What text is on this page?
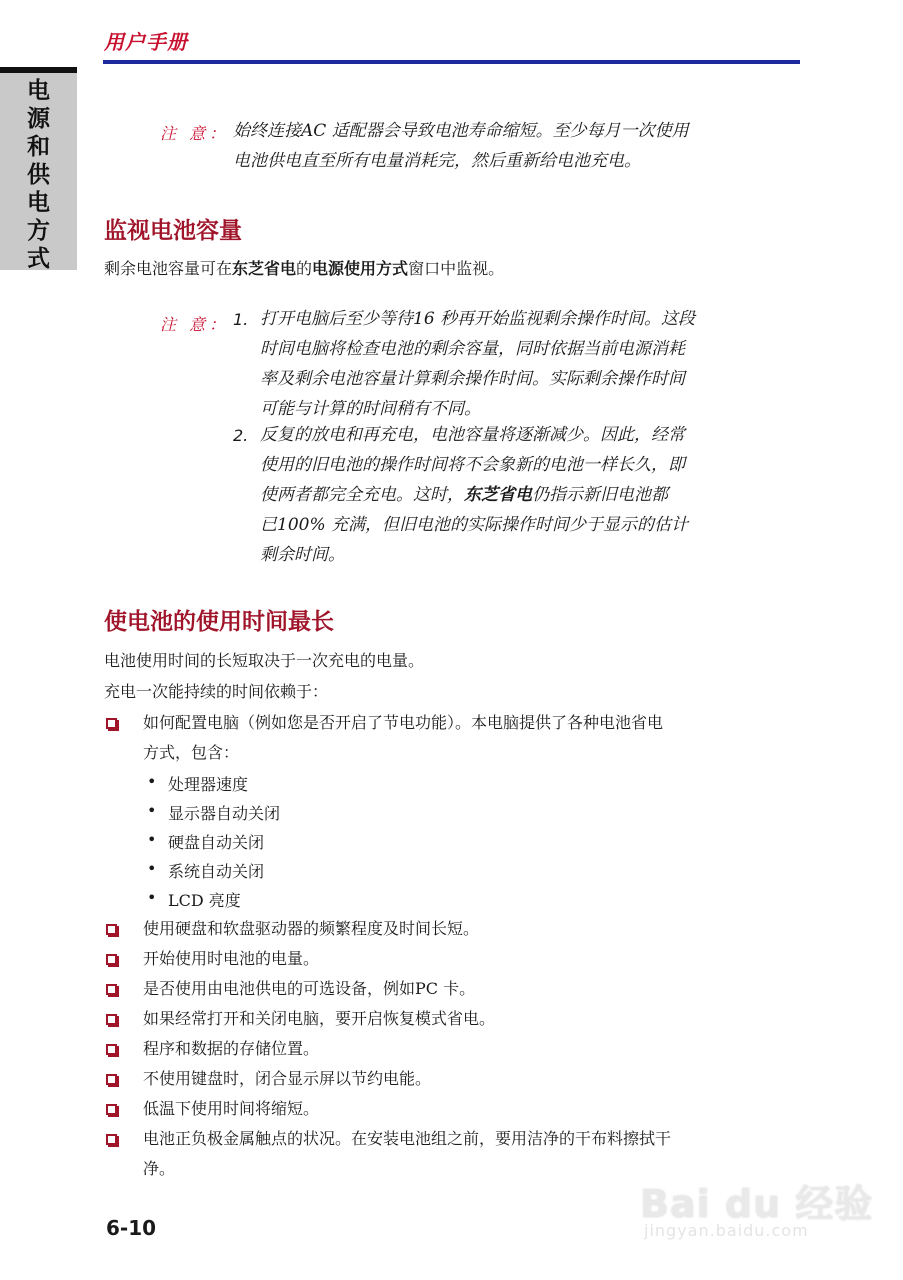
用户手册
电
源
和
供
电
方
式
注 意： 始终连接AC 适配器会导致电池寿命缩短。至少每月一次使用

电池供电直至所有电量消耗完，然后重新给电池充电。

监视电池容量
剩余电池容量可在东芝省电的电源使用方式窗口中监视。
注 意： 1. 打开电脑后至少等待16 秒再开始监视剩余操作时间。这段

时间电脑将检查电池的剩余容量，同时依据当前电源消耗

率及剩余电池容量计算剩余操作时间。实际剩余操作时间

可能与计算的时间稍有不同。

2. 反复的放电和再充电，电池容量将逐渐减少。因此，经常

使用的旧电池的操作时间将不会象新的电池一样长久，即

使两者都完全充电。这时，东芝省电仍指示新旧电池都

已100% 充满，但旧电池的实际操作时间少于显示的估计

剩余时间。

使电池的使用时间最长
电池使用时间的长短取决于一次充电的电量。
充电一次能持续的时间依赖于：
如何配置电脑（例如您是否开启了节电功能）。本电脑提供了各种电池省电
方式，包含：
• 处理器速度
• 显示器自动关闭
• 硬盘自动关闭
• 系统自动关闭
• LCD 亮度
使用硬盘和软盘驱动器的频繁程度及时间长短。
开始使用时电池的电量。
是否使用由电池供电的可选设备，例如PC 卡。
如果经常打开和关闭电脑，要开启恢复模式省电。
程序和数据的存储位置。
不使用键盘时，闭合显示屏以节约电能。
低温下使用时间将缩短。
电池正负极金属触点的状况。在安装电池组之前，要用洁净的干布料擦拭干
净。
6-10
Bai du 经验
jingyan.baidu.com
